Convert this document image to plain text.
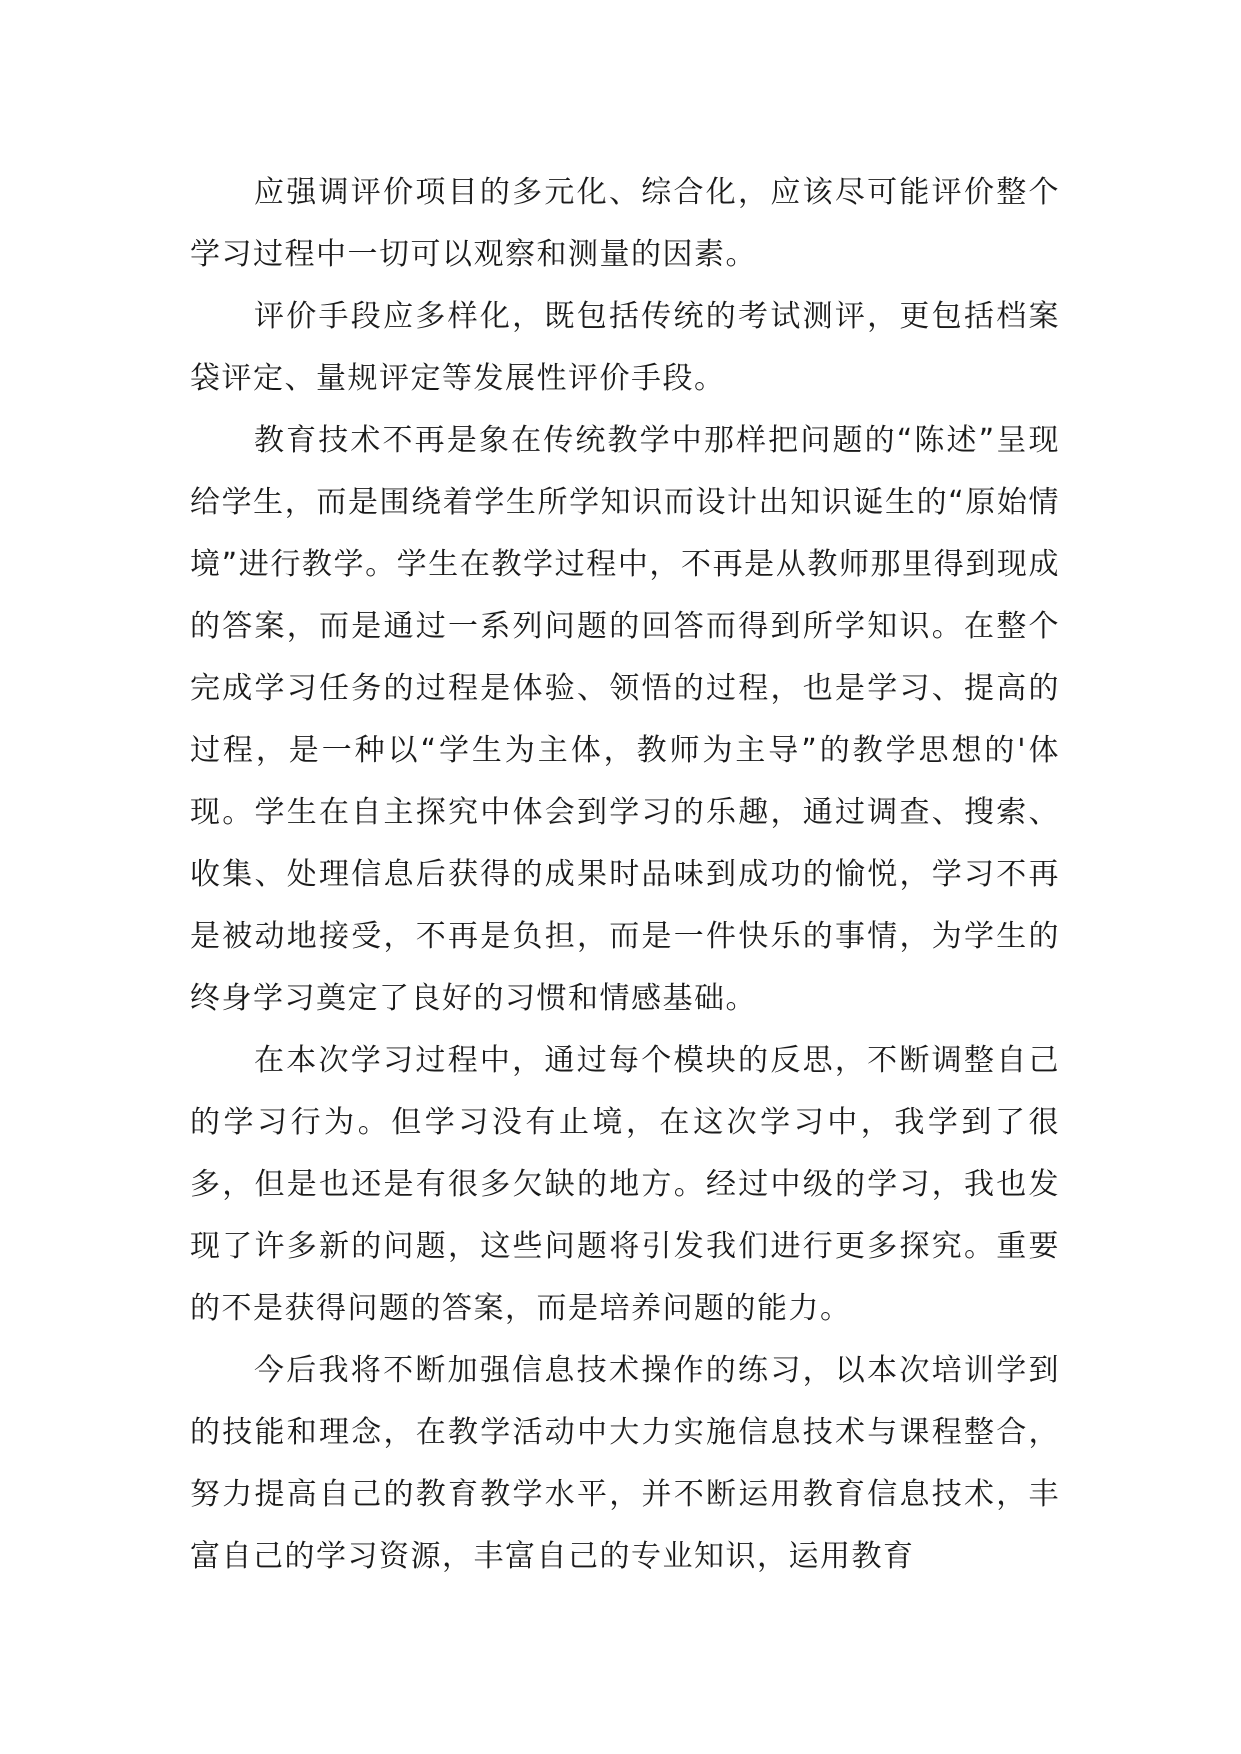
应强调评价项目的多元化、综合化，应该尽可能评价整个学习过程中一切可以观察和测量的因素。

评价手段应多样化，既包括传统的考试测评，更包括档案袋评定、量规评定等发展性评价手段。

教育技术不再是象在传统教学中那样把问题的“陈述”呈现给学生，而是围绕着学生所学知识而设计出知识诞生的“原始情境”进行教学。学生在教学过程中，不再是从教师那里得到现成的答案，而是通过一系列问题的回答而得到所学知识。在整个完成学习任务的过程是体验、领悟的过程，也是学习、提高的过程，是一种以“学生为主体，教师为主导”的教学思想的'体现。学生在自主探究中体会到学习的乐趣，通过调查、搜索、收集、处理信息后获得的成果时品味到成功的愉悦，学习不再是被动地接受，不再是负担，而是一件快乐的事情，为学生的终身学习奠定了良好的习惯和情感基础。

在本次学习过程中，通过每个模块的反思，不断调整自己的学习行为。但学习没有止境，在这次学习中，我学到了很多，但是也还是有很多欠缺的地方。经过中级的学习，我也发现了许多新的问题，这些问题将引发我们进行更多探究。重要的不是获得问题的答案，而是培养问题的能力。

今后我将不断加强信息技术操作的练习，以本次培训学到的技能和理念，在教学活动中大力实施信息技术与课程整合，努力提高自己的教育教学水平，并不断运用教育信息技术，丰富自己的学习资源，丰富自己的专业知识，运用教育
